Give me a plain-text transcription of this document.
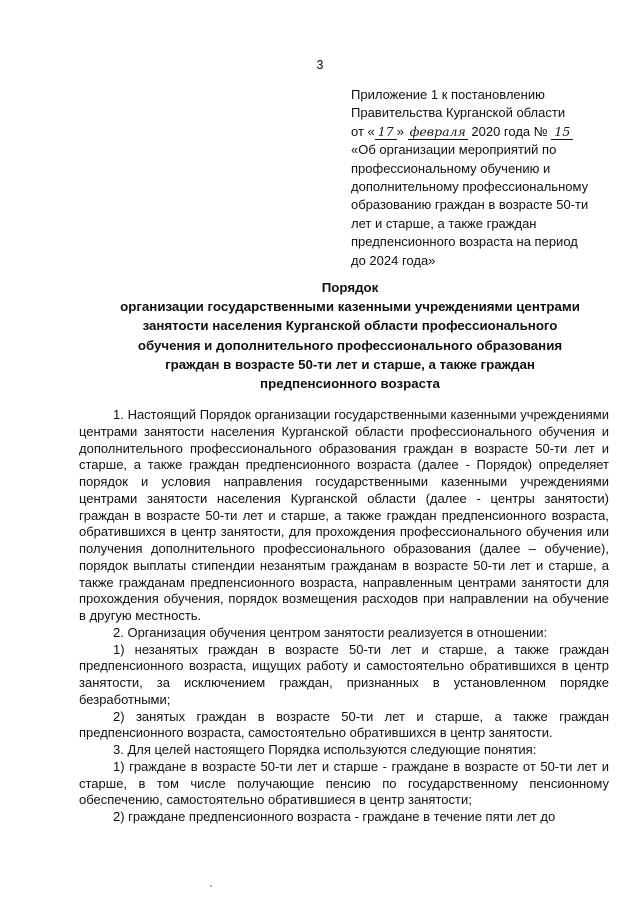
3
Приложение 1 к постановлению
Правительства Курганской области
от « 17 » февраля 2020 года № 15
«Об организации мероприятий по
профессиональному обучению и
дополнительному профессиональному
образованию граждан в возрасте 50-ти
лет и старше, а также граждан
предпенсионного возраста на период
до 2024 года»
Порядок
организации государственными казенными учреждениями центрами
занятости населения Курганской области профессионального
обучения и дополнительного профессионального образования
граждан в возрасте 50-ти лет и старше, а также граждан
предпенсионного возраста

1. Настоящий Порядок организации государственными казенными учреждениями центрами занятости населения Курганской области профессионального обучения и дополнительного профессионального образования граждан в возрасте 50-ти лет и старше, а также граждан предпенсионного возраста (далее - Порядок) определяет порядок и условия направления государственными казенными учреждениями центрами занятости населения Курганской области (далее - центры занятости) граждан в возрасте 50-ти лет и старше, а также граждан предпенсионного возраста, обратившихся в центр занятости, для прохождения профессионального обучения или получения дополнительного профессионального образования (далее – обучение), порядок выплаты стипендии незанятым гражданам в возрасте 50-ти лет и старше, а также гражданам предпенсионного возраста, направленным центрами занятости для прохождения обучения, порядок возмещения расходов при направлении на обучение в другую местность.

2. Организация обучения центром занятости реализуется в отношении:

1) незанятых граждан в возрасте 50-ти лет и старше, а также граждан предпенсионного возраста, ищущих работу и самостоятельно обратившихся в центр занятости, за исключением граждан, признанных в установленном порядке безработными;

2) занятых граждан в возрасте 50-ти лет и старше, а также граждан предпенсионного возраста, самостоятельно обратившихся в центр занятости.

3. Для целей настоящего Порядка используются следующие понятия:

1) граждане в возрасте 50-ти лет и старше - граждане в возрасте от 50-ти лет и старше, в том числе получающие пенсию по государственному пенсионному обеспечению, самостоятельно обратившиеся в центр занятости;

2) граждане предпенсионного возраста - граждане в течение пяти лет до
